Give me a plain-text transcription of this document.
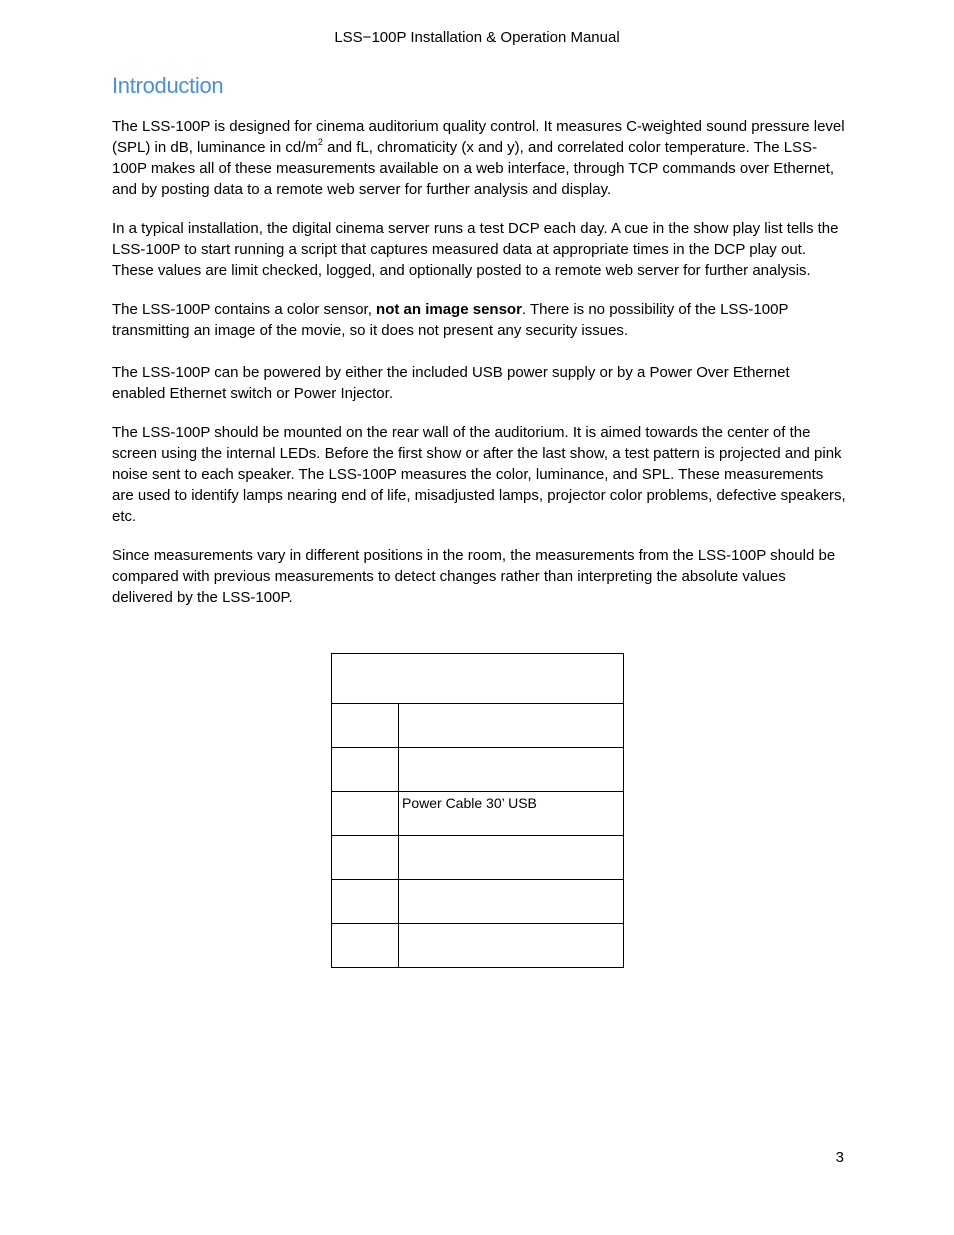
LSS−100P Installation & Operation Manual
Introduction

The LSS-100P is designed for cinema auditorium quality control. It measures C-weighted sound pressure level (SPL) in dB, luminance in $cd/m^2$ and fL, chromaticity (x and y), and correlated color temperature. The LSS-100P makes all of these measurements available on a web interface, through TCP commands over Ethernet, and by posting data to a remote web server for further analysis and display.

In a typical installation, the digital cinema server runs a test DCP each day. A cue in the show play list tells the LSS-100P to start running a script that captures measured data at appropriate times in the DCP play out. These values are limit checked, logged, and optionally posted to a remote web server for further analysis.

The LSS-100P contains a color sensor, not an image sensor. There is no possibility of the LSS-100P transmitting an image of the movie, so it does not present any security issues.

The LSS-100P can be powered by either the included USB power supply or by a Power Over Ethernet enabled Ethernet switch or Power Injector.

The LSS-100P should be mounted on the rear wall of the auditorium. It is aimed towards the center of the screen using the internal LEDs. Before the first show or after the last show, a test pattern is projected and pink noise sent to each speaker. The LSS-100P measures the color, luminance, and SPL. These measurements are used to identify lamps nearing end of life, misadjusted lamps, projector color problems, defective speakers, etc.

Since measurements vary in different positions in the room, the measurements from the LSS-100P should be compared with previous measurements to detect changes rather than interpreting the absolute values delivered by the LSS-100P.

	Power Cable 30’ USB

3
